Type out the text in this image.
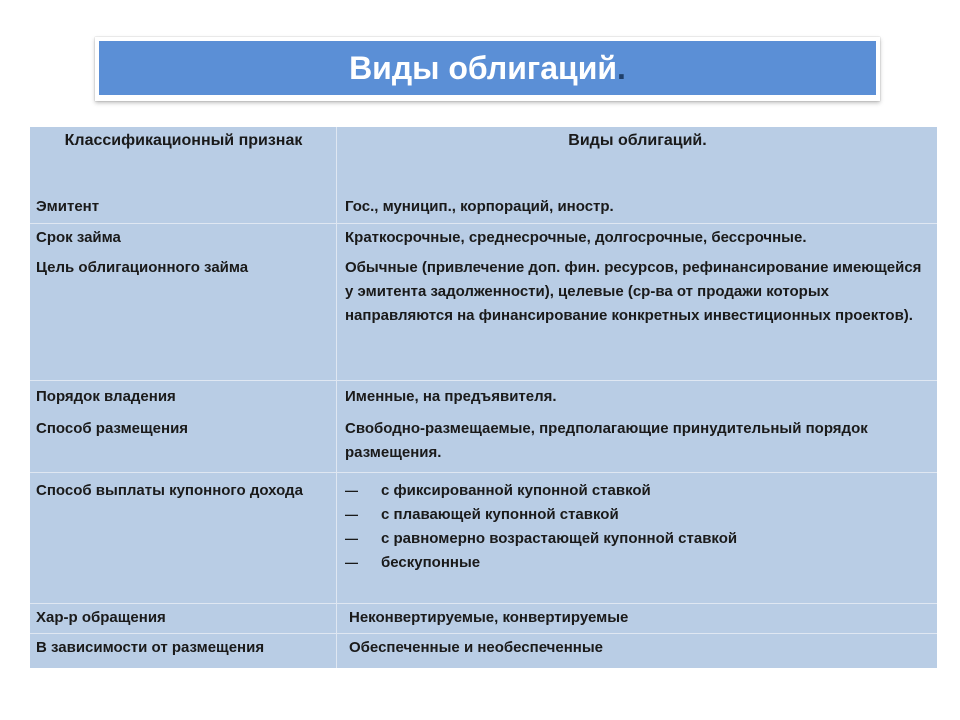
Виды облигаций .
Классификационный признак	Виды облигаций.
Эмитент	Гос., муницип., корпораций, иностр.
Срок займа	Краткосрочные, среднесрочные, долгосрочные, бессрочные.
Цель облигационного займа	Обычные (привлечение доп. фин. ресурсов, рефинансирование имеющейся у эмитента задолженности), целевые (ср-ва от продажи которых направляются на финансирование конкретных инвестиционных проектов).
Порядок владения	Именные, на предъявителя.
Способ размещения	Свободно-размещаемые, предполагающие принудительный порядок размещения.
Способ выплаты купонного дохода	— с фиксированной купонной ставкой
— с плавающей купонной ставкой
— с равномерно возрастающей купонной ставкой
— бескупонные
Хар-р обращения	Неконвертируемые, конвертируемые
В зависимости от размещения	Обеспеченные и необеспеченные
